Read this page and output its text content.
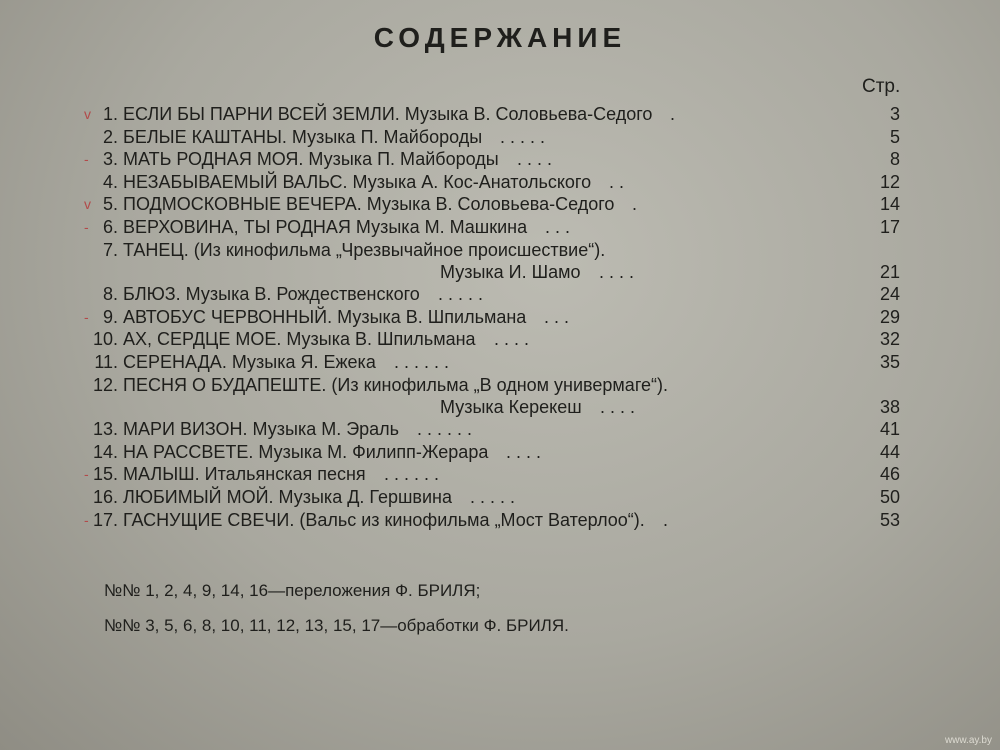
СОДЕРЖАНИЕ
Стр.
v 1. ЕСЛИ БЫ ПАРНИ ВСЕЙ ЗЕМЛИ. Музыка В. Соловьева-Седого .	3
2. БЕЛЫЕ КАШТАНЫ. Музыка П. Майбороды . . . . .	5
- 3. МАТЬ РОДНАЯ МОЯ. Музыка П. Майбороды . . . .	8
4. НЕЗАБЫВАЕМЫЙ ВАЛЬС. Музыка А. Кос-Анатольского . .	12
v 5. ПОДМОСКОВНЫЕ ВЕЧЕРА. Музыка В. Соловьева-Седого .	14
- 6. ВЕРХОВИНА, ТЫ РОДНАЯ Музыка М. Машкина . . .	17
7. ТАНЕЦ. (Из кинофильма „Чрезвычайное происшествие“).
Музыка И. Шамо . . . .	21
8. БЛЮЗ. Музыка В. Рождественского . . . . .	24
- 9. АВТОБУС ЧЕРВОННЫЙ. Музыка В. Шпильмана . . .	29
10. АХ, СЕРДЦЕ МОЕ. Музыка В. Шпильмана . . . .	32
11. СЕРЕНАДА. Музыка Я. Ежека . . . . . .	35
12. ПЕСНЯ О БУДАПЕШТЕ. (Из кинофильма „В одном универмаге“).
Музыка Керекеш . . . .	38
13. МАРИ ВИЗОН. Музыка М. Эраль . . . . . .	41
14. НА РАССВЕТЕ. Музыка М. Филипп-Жерара . . . .	44
- 15. МАЛЫШ. Итальянская песня . . . . . .	46
16. ЛЮБИМЫЙ МОЙ. Музыка Д. Гершвина . . . . .	50
- 17. ГАСНУЩИЕ СВЕЧИ. (Вальс из кинофильма „Мост Ватерлоо“). .	53
№№ 1, 2, 4, 9, 14, 16—переложения Ф. БРИЛЯ;
№№ 3, 5, 6, 8, 10, 11, 12, 13, 15, 17—обработки Ф. БРИЛЯ.
www.ay.by
